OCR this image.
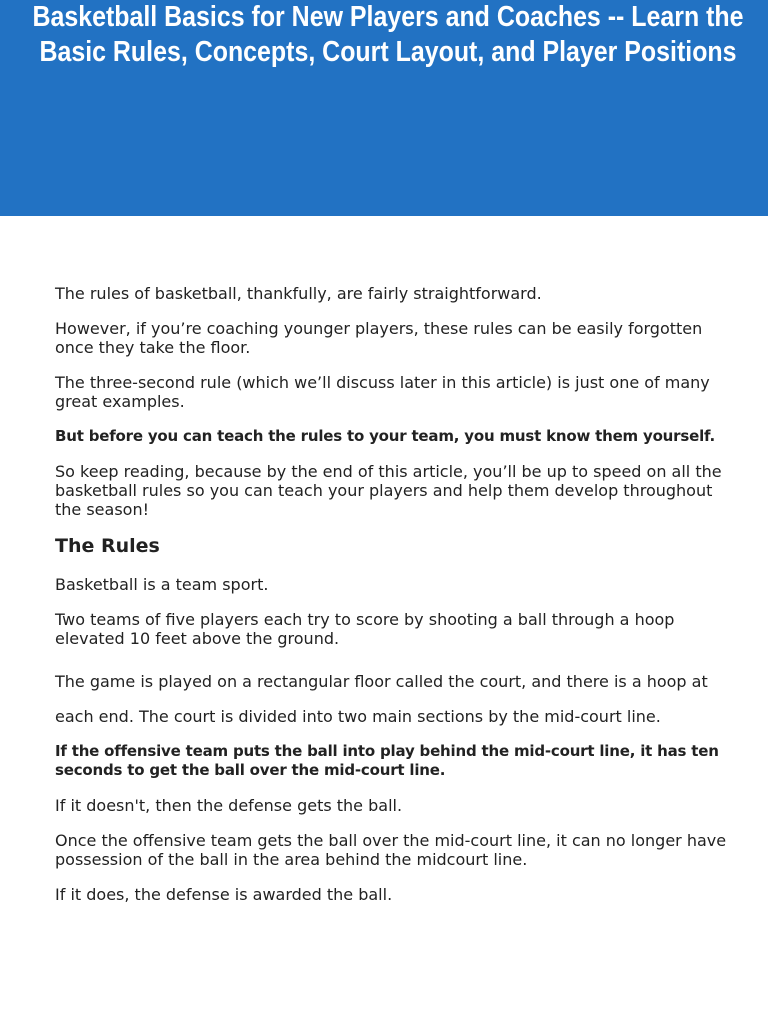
Basketball Basics for New Players and Coaches -- Learn the Basic Rules, Concepts, Court Layout, and Player Positions

The rules of basketball, thankfully, are fairly straightforward.

However, if you’re coaching younger players, these rules can be easily forgotten once they take the floor.

The three-second rule (which we’ll discuss later in this article) is just one of many great examples.

But before you can teach the rules to your team, you must know them yourself.

So keep reading, because by the end of this article, you’ll be up to speed on all the basketball rules so you can teach your players and help them develop throughout the season!

The Rules

Basketball is a team sport.

Two teams of five players each try to score by shooting a ball through a hoop elevated 10 feet above the ground.

The game is played on a rectangular floor called the court, and there is a hoop at each end. The court is divided into two main sections by the mid-court line.

If the offensive team puts the ball into play behind the mid-court line, it has ten seconds to get the ball over the mid-court line.

If it doesn't, then the defense gets the ball.

Once the offensive team gets the ball over the mid-court line, it can no longer have possession of the ball in the area behind the midcourt line.

If it does, the defense is awarded the ball.
